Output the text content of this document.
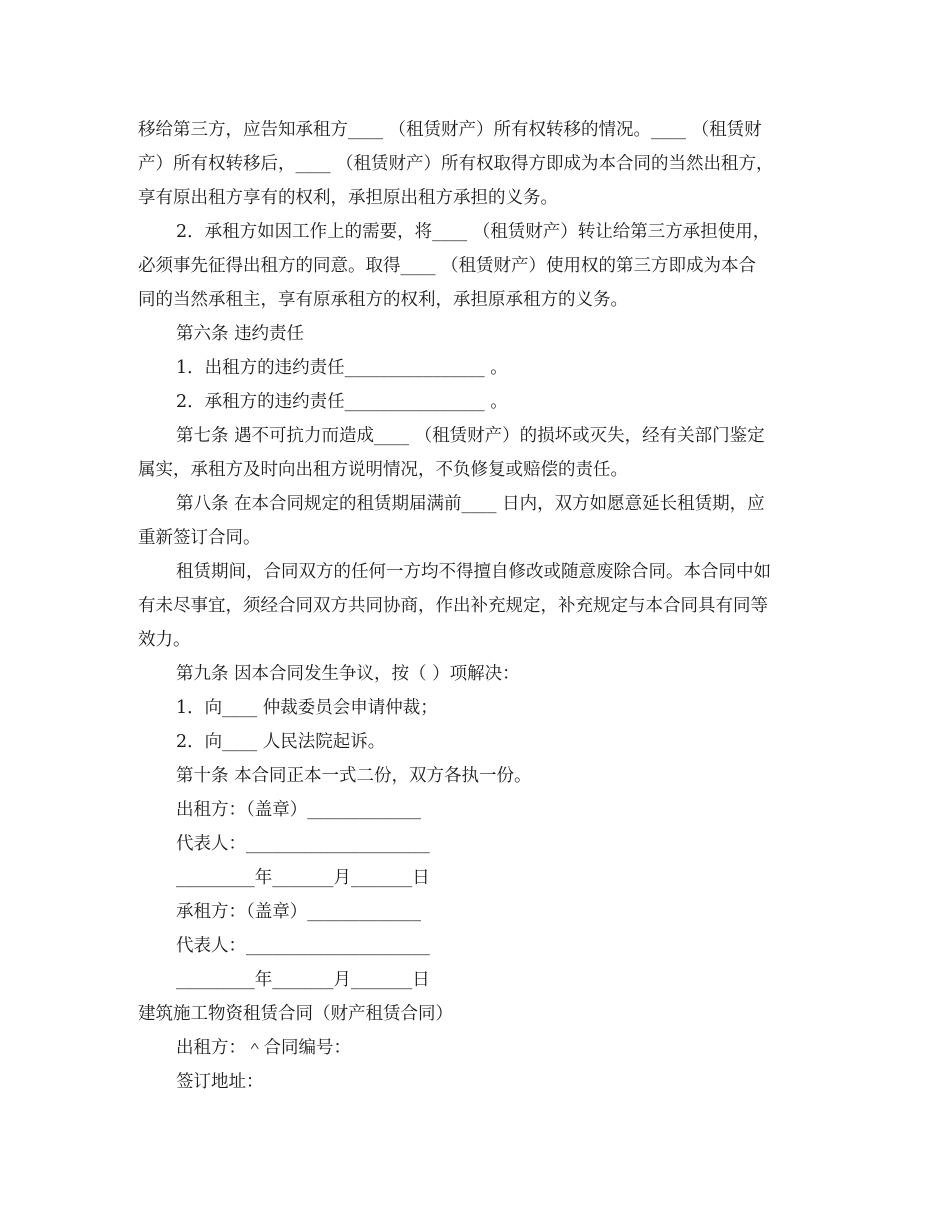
移给第三方，应告知承租方____ （租赁财产）所有权转移的情况。____ （租赁财
产）所有权转移后，____ （租赁财产）所有权取得方即成为本合同的当然出租方，
享有原出租方享有的权利，承担原出租方承担的义务。
2．承租方如因工作上的需要，将____ （租赁财产）转让给第三方承担使用，
必须事先征得出租方的同意。取得____ （租赁财产）使用权的第三方即成为本合
同的当然承租主，享有原承租方的权利，承担原承租方的义务。
第六条 违约责任
1．出租方的违约责任________________ 。
2．承租方的违约责任________________ 。
第七条 遇不可抗力而造成____ （租赁财产）的损坏或灭失，经有关部门鉴定
属实，承租方及时向出租方说明情况，不负修复或赔偿的责任。
第八条 在本合同规定的租赁期届满前____ 日内，双方如愿意延长租赁期，应
重新签订合同。
租赁期间，合同双方的任何一方均不得擅自修改或随意废除合同。本合同中如
有未尽事宜，须经合同双方共同协商，作出补充规定，补充规定与本合同具有同等
效力。
第九条 因本合同发生争议，按（ ）项解决：
1．向____ 仲裁委员会申请仲裁；
2．向____ 人民法院起诉。
第十条 本合同正本一式二份，双方各执一份。
出租方：（盖章）_____________
代表人：_____________________
_________年_______月_______日
承租方：（盖章）_____________
代表人：_____________________
_________年_______月_______日
建筑施工物资租赁合同（财产租赁合同）
出租方：＾合同编号：
签订地址：
